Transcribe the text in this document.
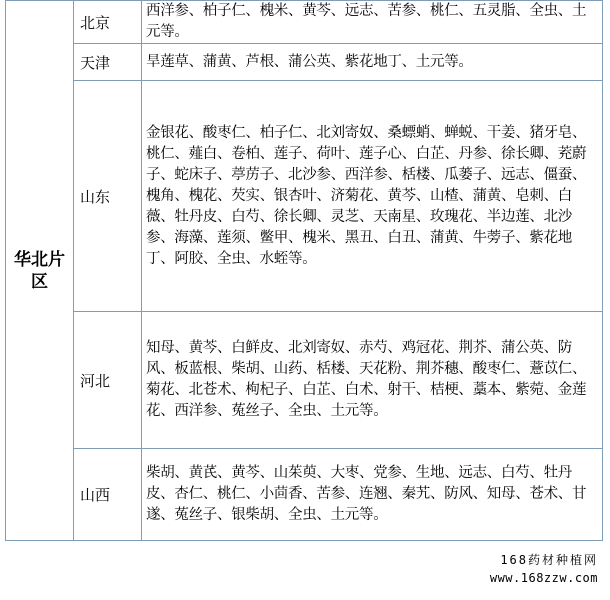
华北片区	北京	西洋参、柏子仁、槐米、黄芩、远志、苦参、桃仁、五灵脂、全虫、土元等。
	天津	旱莲草、蒲黄、芦根、蒲公英、紫花地丁、土元等。
	山东	金银花、酸枣仁、柏子仁、北刘寄奴、桑螵蛸、蝉蜕、干姜、猪牙皂、桃仁、薤白、卷柏、莲子、荷叶、莲子心、白芷、丹参、徐长卿、茺蔚子、蛇床子、葶苈子、北沙参、西洋参、栝楼、瓜蒌子、远志、僵蚕、槐角、槐花、芡实、银杏叶、济菊花、黄芩、山楂、蒲黄、皂刺、白薇、牡丹皮、白芍、徐长卿、灵芝、天南星、玫瑰花、半边莲、北沙参、海藻、莲须、鳖甲、槐米、黑丑、白丑、蒲黄、牛蒡子、紫花地丁、阿胶、全虫、水蛭等。
	河北	知母、黄芩、白鲜皮、北刘寄奴、赤芍、鸡冠花、荆芥、蒲公英、防风、板蓝根、柴胡、山药、栝楼、天花粉、荆芥穗、酸枣仁、薏苡仁、菊花、北苍术、枸杞子、白芷、白术、射干、桔梗、藁本、紫菀、金莲花、西洋参、菟丝子、全虫、土元等。
	山西	柴胡、黄芪、黄芩、山茱萸、大枣、党参、生地、远志、白芍、牡丹皮、杏仁、桃仁、小茴香、苦参、连翘、秦艽、防风、知母、苍术、甘遂、菟丝子、银柴胡、全虫、土元等。
168药材种植网
www.168zzw.com
